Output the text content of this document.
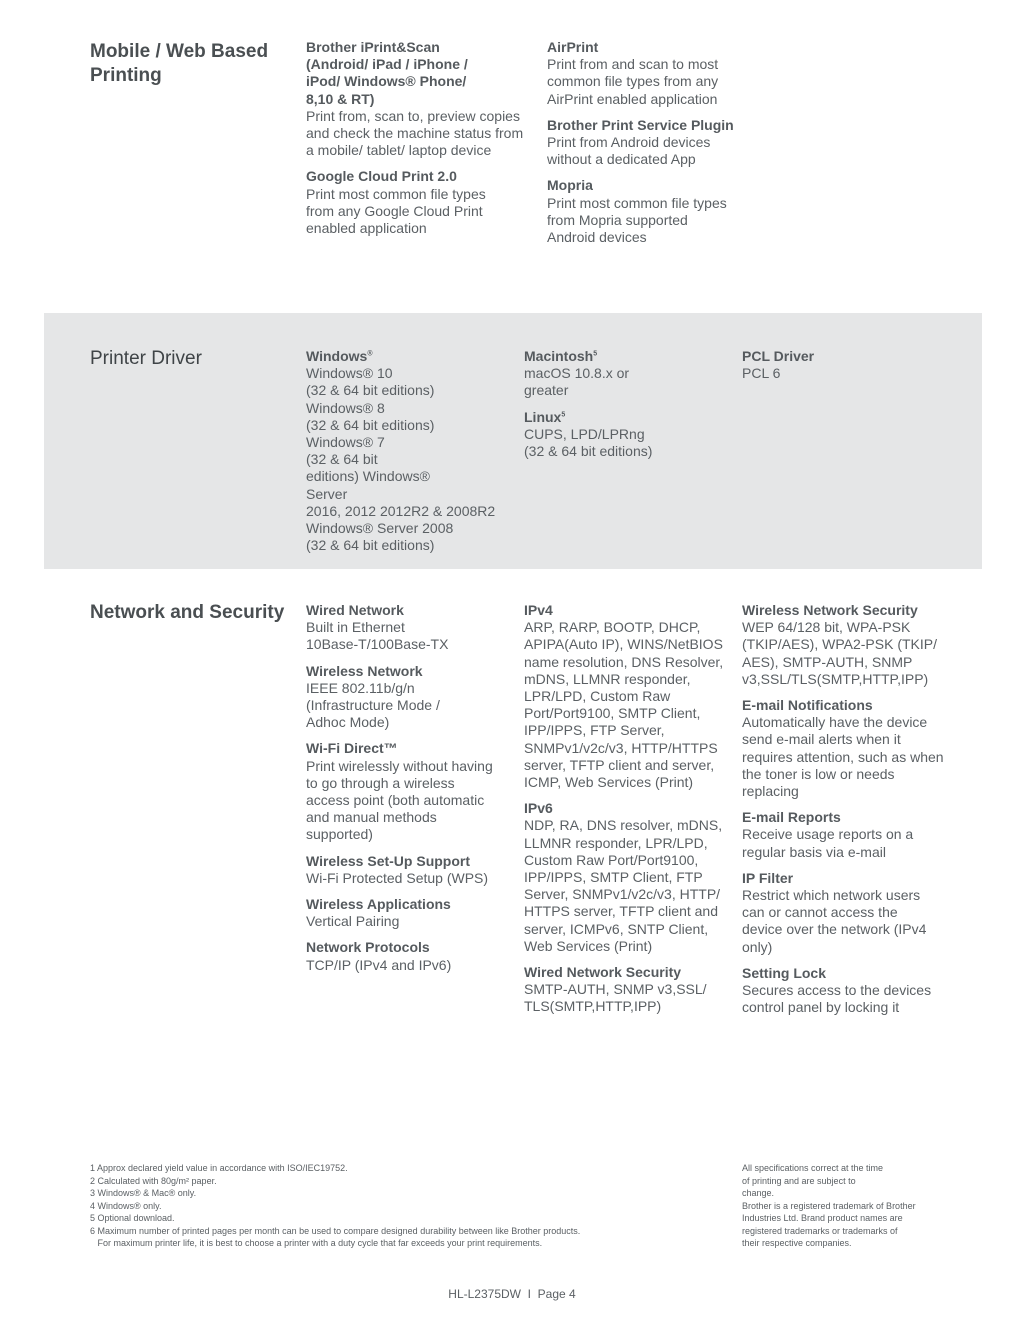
Mobile / Web Based
Printing
Brother iPrint&Scan
(Android/ iPad / iPhone /
iPod/ Windows® Phone/
8,10 & RT)
Print from, scan to, preview copies
and check the machine status from
a mobile/ tablet/ laptop device
Google Cloud Print 2.0
Print most common file types
from any Google Cloud Print
enabled application
AirPrint
Print from and scan to most
common file types from any
AirPrint enabled application
Brother Print Service Plugin
Print from Android devices
without a dedicated App
Mopria
Print most common file types
from Mopria supported
Android devices
Printer Driver	Windows®
Windows® 10
(32 & 64 bit editions)
Windows® 8
(32 & 64 bit editions)
Windows® 7
(32 & 64 bit
editions) Windows®
Server
2016, 2012 2012R2 & 2008R2
Windows® Server 2008
(32 & 64 bit editions)
Macintosh$^5$
macOS 10.8.x or
greater
Linux$^5$
CUPS, LPD/LPRng
(32 & 64 bit editions)
PCL Driver
PCL 6
Network and Security Wired Network
Built in Ethernet
10Base-T/100Base-TX
Wireless Network
IEEE 802.11b/g/n
(Infrastructure Mode /
Adhoc Mode)
Wi-Fi Direct™
Print wirelessly without having
to go through a wireless
access point (both automatic
and manual methods
supported)
Wireless Set-Up Support
Wi-Fi Protected Setup (WPS)
Wireless Applications
Vertical Pairing
Network Protocols
TCP/IP (IPv4 and IPv6)
IPv4
ARP, RARP, BOOTP, DHCP,
APIPA(Auto IP), WINS/NetBIOS
name resolution, DNS Resolver,
mDNS, LLMNR responder,
LPR/LPD, Custom Raw
Port/Port9100, SMTP Client,
IPP/IPPS, FTP Server,
SNMPv1/v2c/v3, HTTP/HTTPS
server, TFTP client and server,
ICMP, Web Services (Print)
IPv6
NDP, RA, DNS resolver, mDNS,
LLMNR responder, LPR/LPD,
Custom Raw Port/Port9100,
IPP/IPPS, SMTP Client, FTP
Server, SNMPv1/v2c/v3, HTTP/
HTTPS server, TFTP client and
server, ICMPv6, SNTP Client,
Web Services (Print)
Wired Network Security
SMTP-AUTH, SNMP v3,SSL/
TLS(SMTP,HTTP,IPP)
Wireless Network Security
WEP 64/128 bit, WPA-PSK
(TKIP/AES), WPA2-PSK (TKIP/
AES), SMTP-AUTH, SNMP
v3,SSL/TLS(SMTP,HTTP,IPP)
E-mail Notifications
Automatically have the device
send e-mail alerts when it
requires attention, such as when
the toner is low or needs
replacing
E-mail Reports
Receive usage reports on a
regular basis via e-mail
IP Filter
Restrict which network users
can or cannot access the
device over the network (IPv4
only)
Setting Lock
Secures access to the devices
control panel by locking it
1 Approx declared yield value in accordance with ISO/IEC19752.
2 Calculated with 80g/m² paper.
3 Windows® & Mac® only.
4 Windows® only.
5 Optional download.
6 Maximum number of printed pages per month can be used to compare designed durability between like Brother products.
For maximum printer life, it is best to choose a printer with a duty cycle that far exceeds your print requirements.
All specifications correct at the time
of printing and are subject to
change.
Brother is a registered trademark of Brother
Industries Ltd. Brand product names are
registered trademarks or trademarks of
their respective companies.
HL-L2375DW  I  Page 4
